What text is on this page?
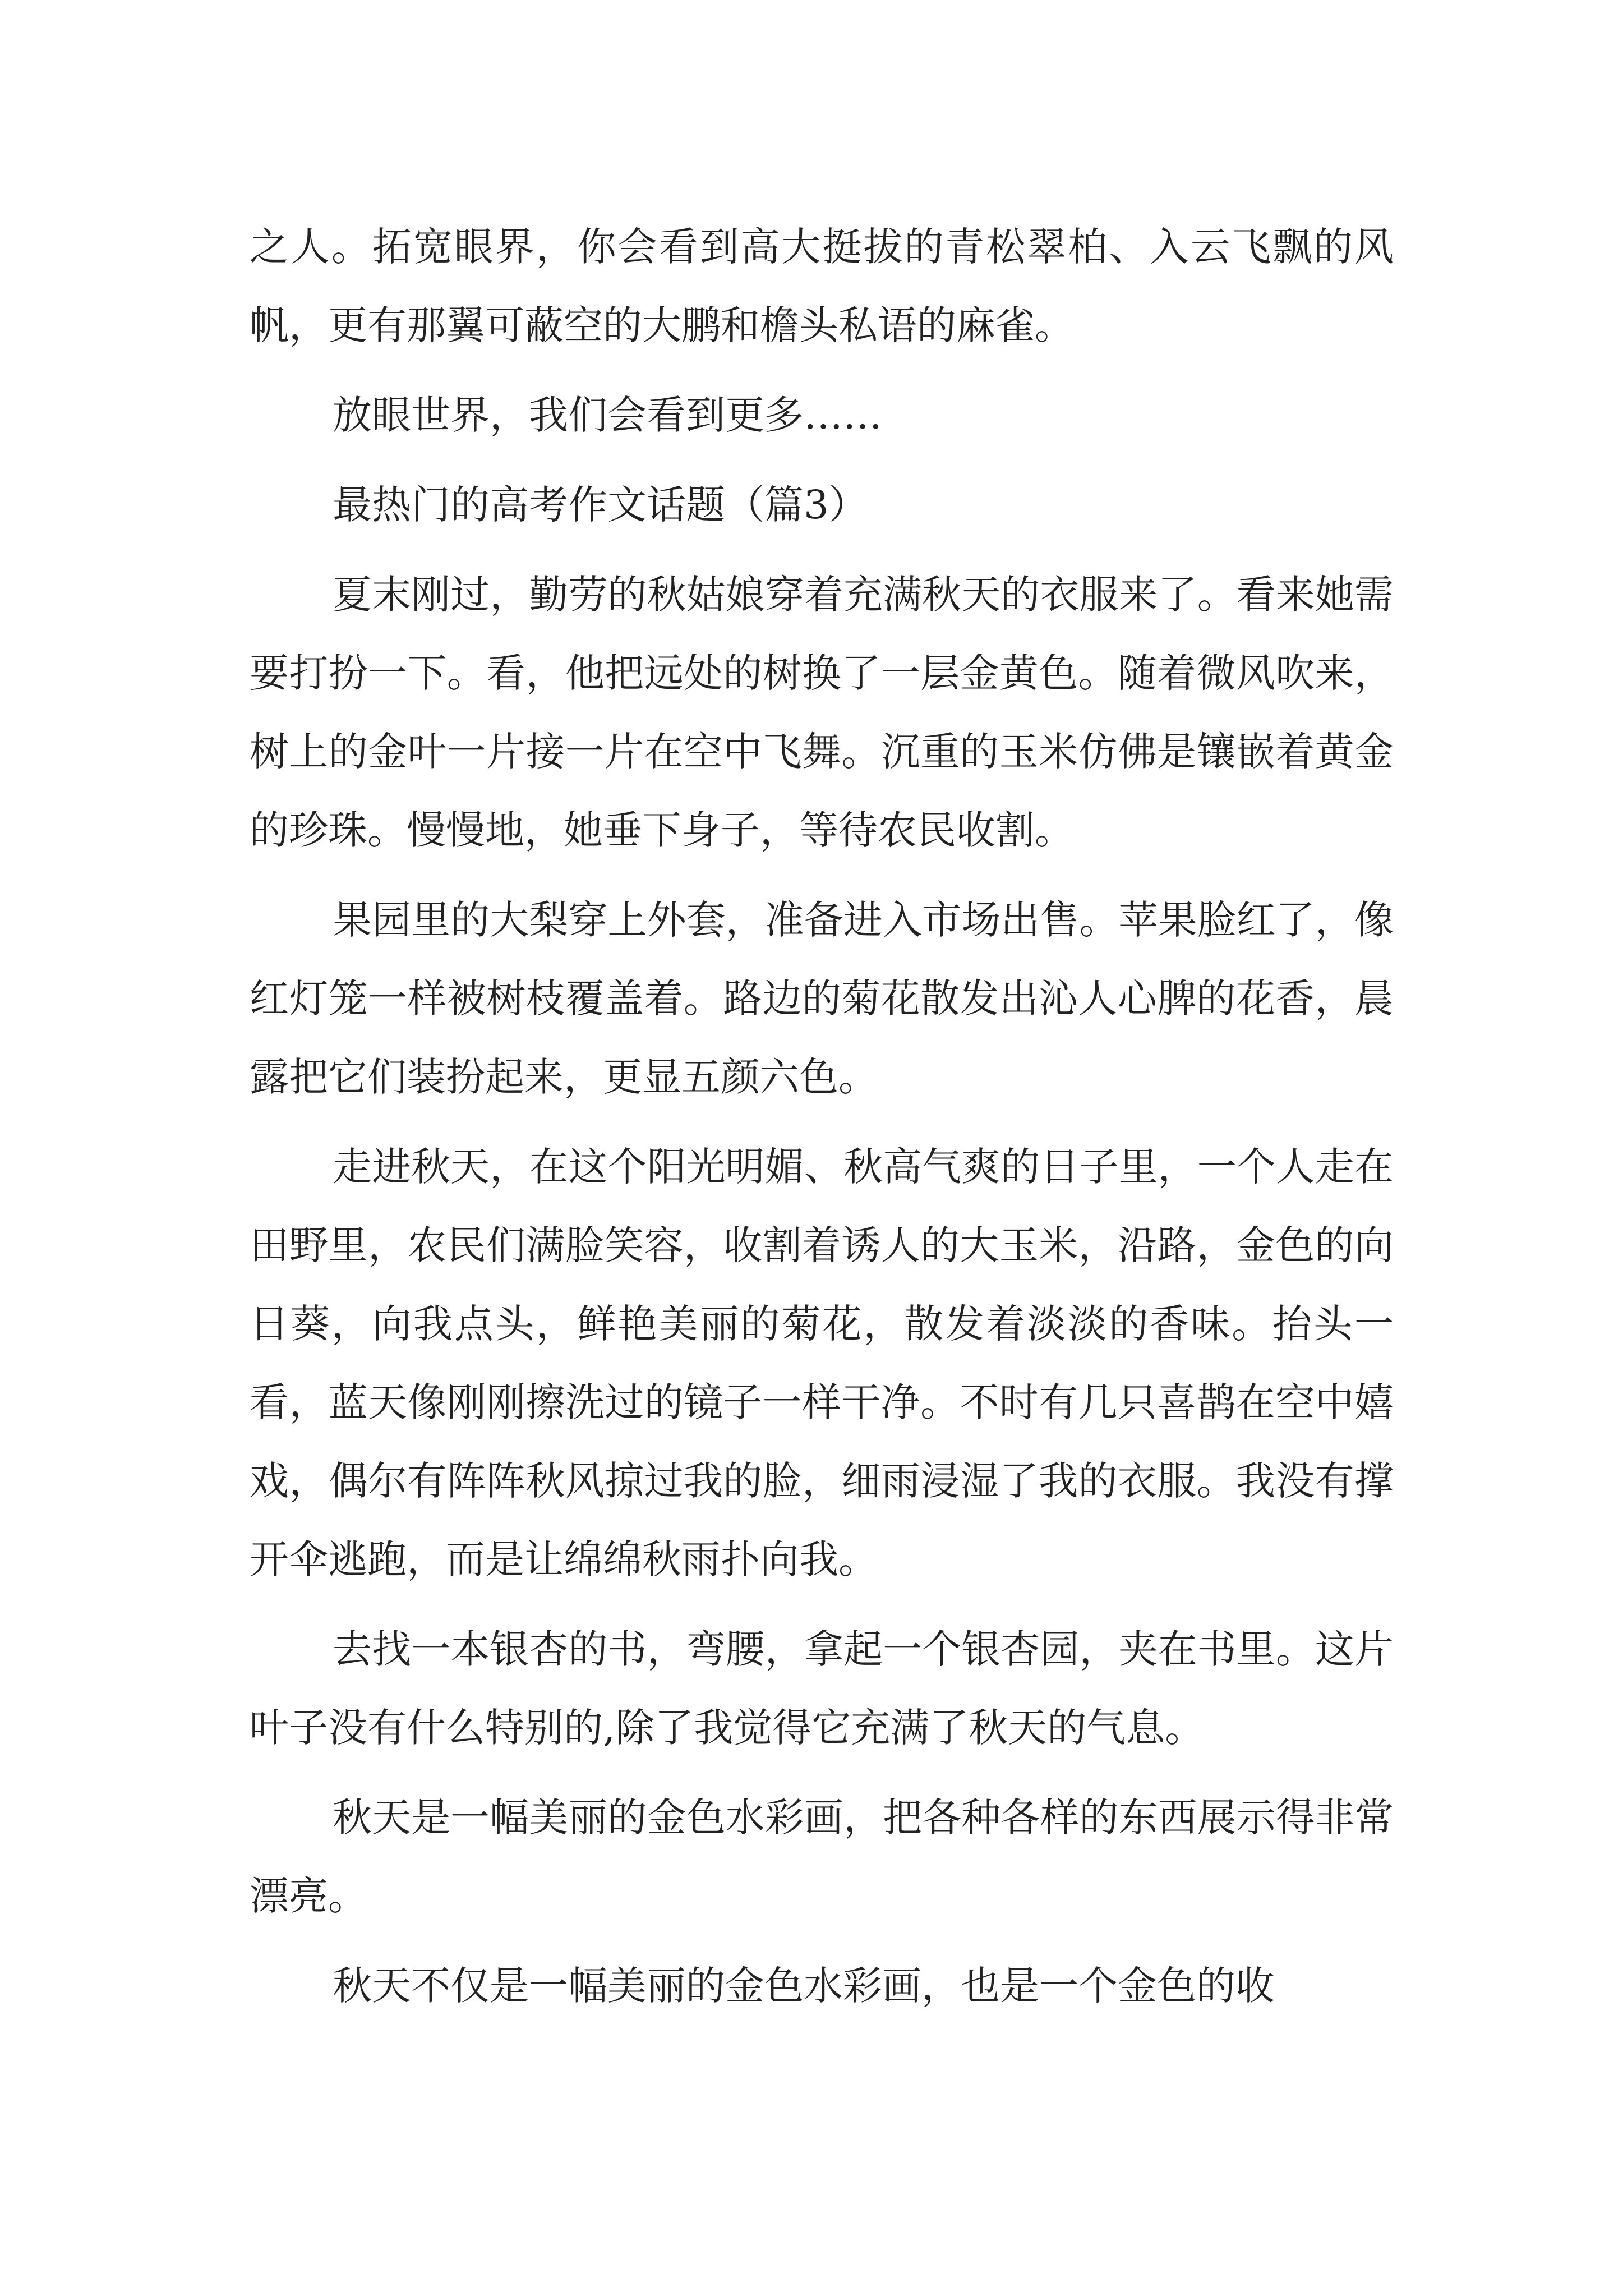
之人。拓宽眼界，你会看到高大挺拔的青松翠柏、入云飞飘的风帆，更有那翼可蔽空的大鹏和檐头私语的麻雀。

放眼世界，我们会看到更多……

最热门的高考作文话题（篇3）

夏末刚过，勤劳的秋姑娘穿着充满秋天的衣服来了。看来她需要打扮一下。看，他把远处的树换了一层金黄色。随着微风吹来，树上的金叶一片接一片在空中飞舞。沉重的玉米仿佛是镶嵌着黄金的珍珠。慢慢地，她垂下身子，等待农民收割。

果园里的大梨穿上外套，准备进入市场出售。苹果脸红了，像红灯笼一样被树枝覆盖着。路边的菊花散发出沁人心脾的花香，晨露把它们装扮起来，更显五颜六色。

走进秋天，在这个阳光明媚、秋高气爽的日子里，一个人走在田野里，农民们满脸笑容，收割着诱人的大玉米，沿路，金色的向日葵，向我点头，鲜艳美丽的菊花，散发着淡淡的香味。抬头一看，蓝天像刚刚擦洗过的镜子一样干净。不时有几只喜鹊在空中嬉戏，偶尔有阵阵秋风掠过我的脸，细雨浸湿了我的衣服。我没有撑开伞逃跑，而是让绵绵秋雨扑向我。

去找一本银杏的书，弯腰，拿起一个银杏园，夹在书里。这片叶子没有什么特别的,除了我觉得它充满了秋天的气息。

秋天是一幅美丽的金色水彩画，把各种各样的东西展示得非常漂亮。

秋天不仅是一幅美丽的金色水彩画，也是一个金色的收
